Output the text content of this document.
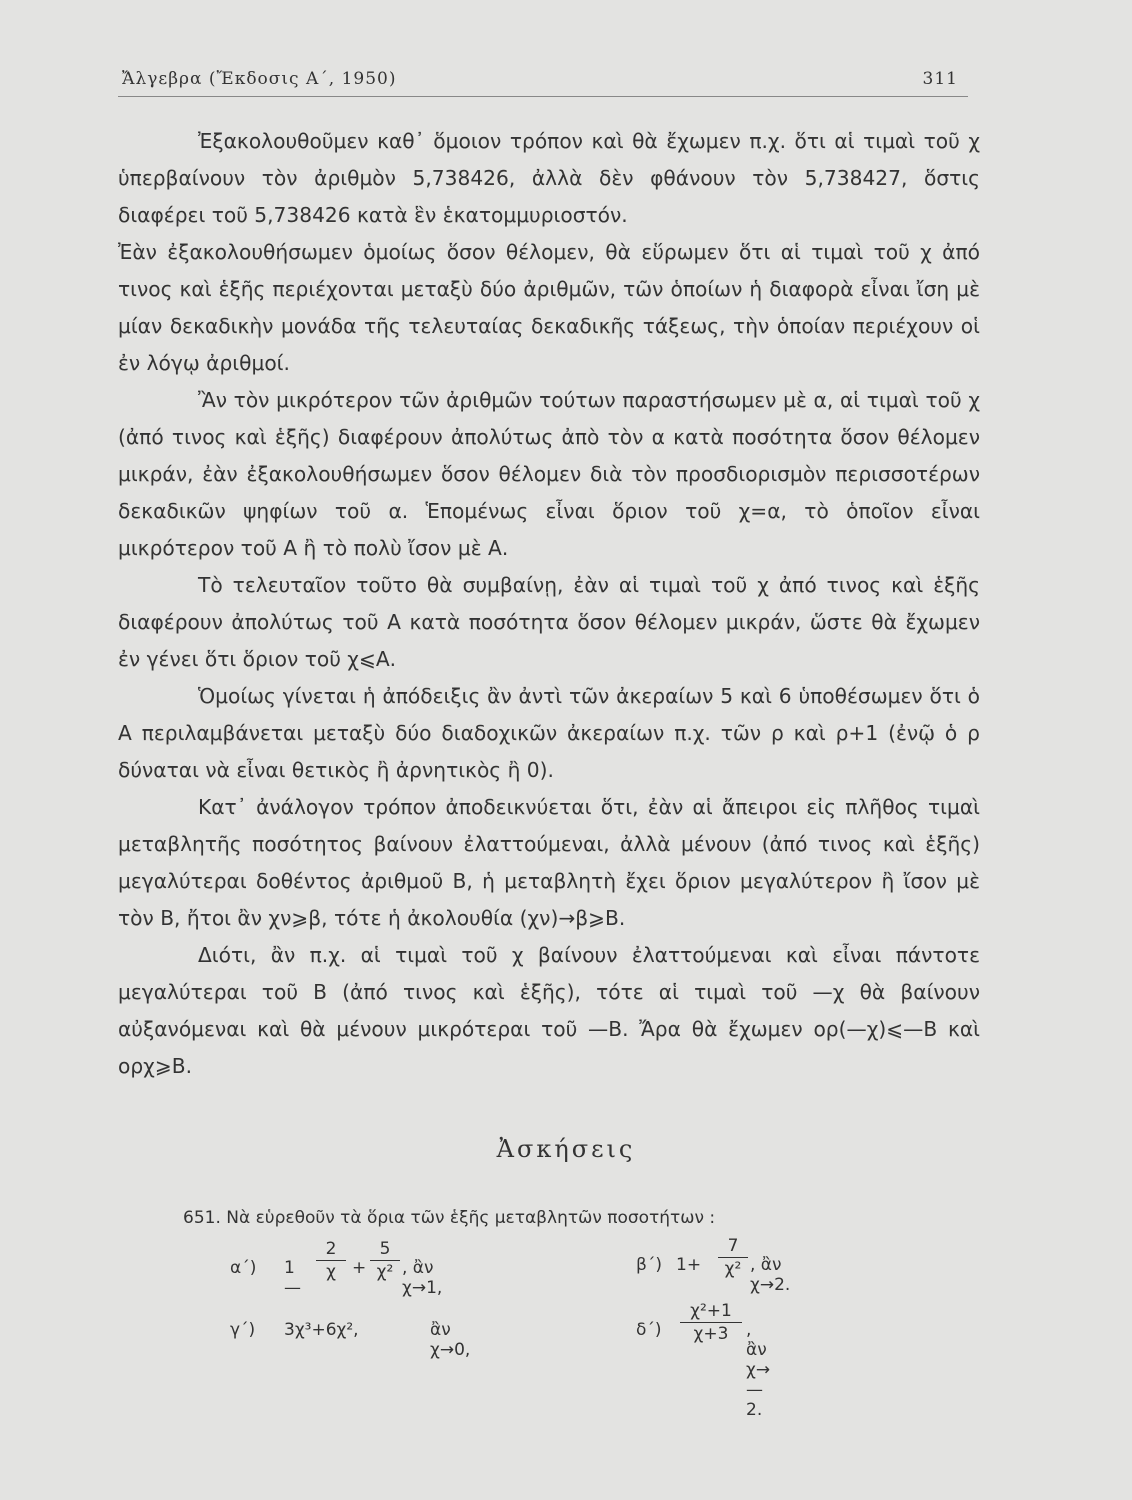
Ἄλγεβρα (Ἔκδοσις Α΄, 1950)	311

Ἐξακολουθοῦμεν καθ᾽ ὅμοιον τρόπον καὶ θὰ ἔχωμεν π.χ. ὅτι αἱ τιμαὶ τοῦ χ ὑπερβαίνουν τὸν ἀριθμὸν 5,738426, ἀλλὰ δὲν φθάνουν τὸν 5,738427, ὅστις διαφέρει τοῦ 5,738426 κατὰ ἓν ἑκατομμυριοστόν.

Ἐὰν ἐξακολουθήσωμεν ὁμοίως ὅσον θέλομεν, θὰ εὕρωμεν ὅτι αἱ τιμαὶ τοῦ χ ἀπό τινος καὶ ἑξῆς περιέχονται μεταξὺ δύο ἀριθμῶν, τῶν ὁποίων ἡ διαφορὰ εἶναι ἴση μὲ μίαν δεκαδικὴν μονάδα τῆς τελευταίας δεκαδικῆς τάξεως, τὴν ὁποίαν περιέχουν οἱ ἐν λόγῳ ἀριθμοί.

Ἂν τὸν μικρότερον τῶν ἀριθμῶν τούτων παραστήσωμεν μὲ α, αἱ τιμαὶ τοῦ χ (ἀπό τινος καὶ ἑξῆς) διαφέρουν ἀπολύτως ἀπὸ τὸν α κατὰ ποσότητα ὅσον θέλομεν μικράν, ἐὰν ἐξακολουθήσωμεν ὅσον θέλομεν διὰ τὸν προσδιορισμὸν περισσοτέρων δεκαδικῶν ψηφίων τοῦ α. Ἑπομένως εἶναι ὅριον τοῦ χ=α, τὸ ὁποῖον εἶναι μικρότερον τοῦ Α ἢ τὸ πολὺ ἴσον μὲ Α.

Τὸ τελευταῖον τοῦτο θὰ συμβαίνῃ, ἐὰν αἱ τιμαὶ τοῦ χ ἀπό τινος καὶ ἑξῆς διαφέρουν ἀπολύτως τοῦ Α κατὰ ποσότητα ὅσον θέλομεν μικράν, ὥστε θὰ ἔχωμεν ἐν γένει ὅτι ὅριον τοῦ χ⩽Α.

Ὁμοίως γίνεται ἡ ἀπόδειξις ἂν ἀντὶ τῶν ἀκεραίων 5 καὶ 6 ὑποθέσωμεν ὅτι ὁ Α περιλαμβάνεται μεταξὺ δύο διαδοχικῶν ἀκεραίων π.χ. τῶν ρ καὶ ρ+1 (ἐνῷ ὁ ρ δύναται νὰ εἶναι θετικὸς ἢ ἀρνητικὸς ἢ 0).

Κατ᾽ ἀνάλογον τρόπον ἀποδεικνύεται ὅτι, ἐὰν αἱ ἄπειροι εἰς πλῆθος τιμαὶ μεταβλητῆς ποσότητος βαίνουν ἐλαττούμεναι, ἀλλὰ μένουν (ἀπό τινος καὶ ἑξῆς) μεγαλύτεραι δοθέντος ἀριθμοῦ Β, ἡ μεταβλητὴ ἔχει ὅριον μεγαλύτερον ἢ ἴσον μὲ τὸν Β, ἤτοι ἂν χν⩾β, τότε ἡ ἀκολουθία (χν)→β⩾Β.

Διότι, ἂν π.χ. αἱ τιμαὶ τοῦ χ βαίνουν ἐλαττούμεναι καὶ εἶναι πάντοτε μεγαλύτεραι τοῦ Β (ἀπό τινος καὶ ἑξῆς), τότε αἱ τιμαὶ τοῦ —χ θὰ βαίνουν αὐξανόμεναι καὶ θὰ μένουν μικρότεραι τοῦ —Β. Ἄρα θὰ ἔχωμεν ορ(—χ)⩽—Β καὶ ορχ⩾Β.

Ἀσκήσεις
651. Νὰ εὑρεθοῦν τὰ ὅρια τῶν ἑξῆς μεταβλητῶν ποσοτήτων :
α΄) 1—
$\frac{2}{\chi} + \frac{5}{\text{χ²}}$ , ἂν χ→1,
β΄) $1+ \frac{7}{\text{χ²}}$ , ἂν χ→2.
γ΄) 3χ³+6χ²,	ἂν χ→0,
$\delta΄) \frac{\text{χ²+1}}{\chi+3}$ , ἂν χ→ —2.
